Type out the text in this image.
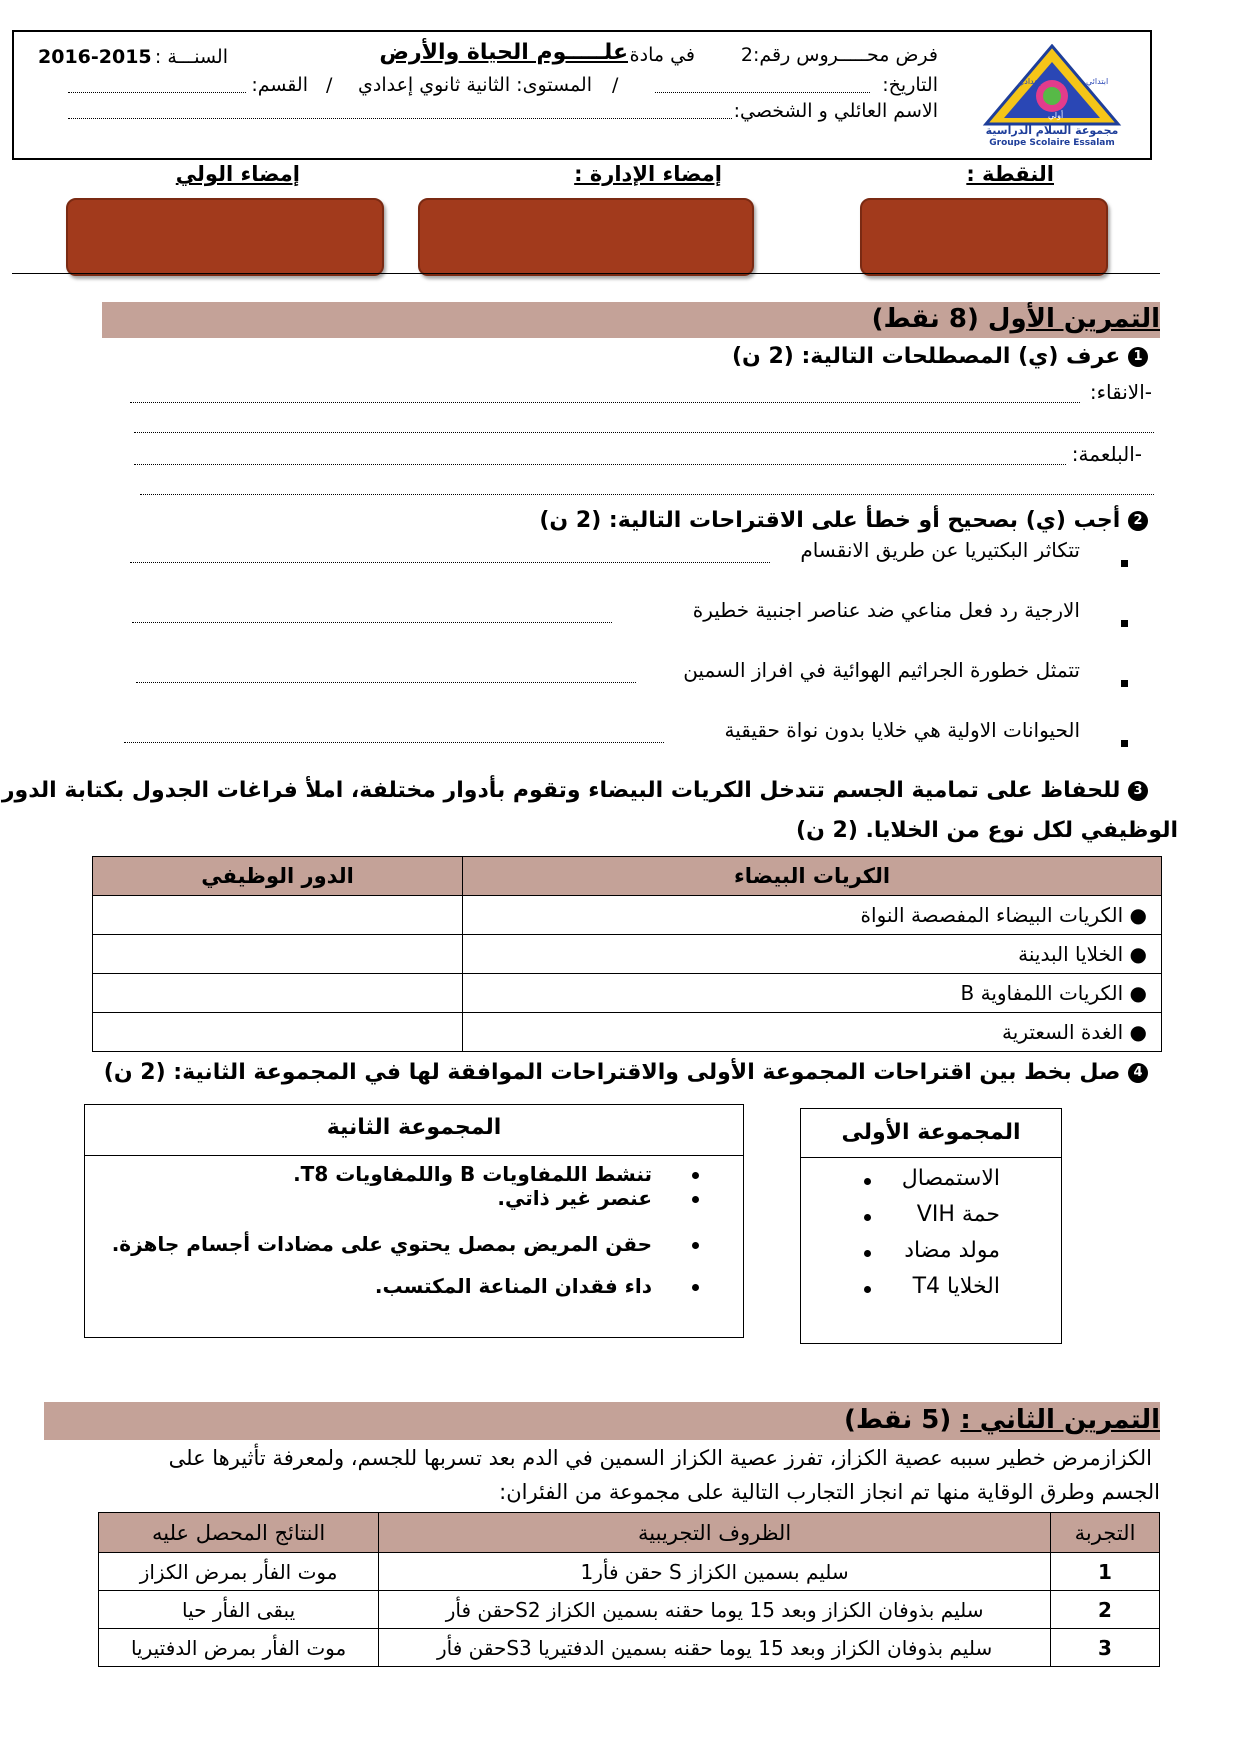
ابتدائي
إعدادي
أولي
مجموعة السلام الدراسية
Groupe Scolaire Essalam
فرض محـــــروس رقم:2
في مادة
علـــــوم الحياة والأرض
السنـــة :
2016-2015
التاريخ:
/
المستوى: الثانية ثانوي إعدادي
/
القسم:
الاسم العائلي و الشخصي:
النقطة :
إمضاء الإدارة :
إمضاء الولي
التمرين الأول (8 نقط)
1 عرف (ي) المصطلحات التالية: (2 ن)
-الانقاء:
-البلعمة:
2 أجب (ي) بصحيح أو خطأ على الاقتراحات التالية: (2 ن)
تتكاثر البكتيريا عن طريق الانقسام
الارجية رد فعل مناعي ضد عناصر اجنبية خطيرة
تتمثل خطورة الجراثيم الهوائية في افراز السمين
الحيوانات الاولية هي خلايا بدون نواة حقيقية
3 للحفاظ على تمامية الجسم تتدخل الكريات البيضاء وتقوم بأدوار مختلفة، املأ فراغات الجدول بكتابة الدور
الوظيفي لكل نوع من الخلايا. (2 ن)
الدور الوظيفي	الكريات البيضاء
	● الكريات البيضاء المفصصة النواة
	● الخلايا البدينة
	● الكريات اللمفاوية B
	● الغدة السعترية
4 صل بخط بين اقتراحات المجموعة الأولى والاقتراحات الموافقة لها في المجموعة الثانية: (2 ن)
المجموعة الثانية
تنشط اللمفاويات B واللمفاويات T8.
عنصر غير ذاتي.
حقن المريض بمصل يحتوي على مضادات أجسام جاهزة.
داء فقدان المناعة المكتسب.
المجموعة الأولى
الاستمصال
حمة VIH
مولد مضاد
الخلايا T4
التمرين الثاني : (5 نقط)
الكزازمرض خطير سببه عصية الكزاز، تفرز عصية الكزاز السمين في الدم بعد تسربها للجسم، ولمعرفة تأثيرها على
الجسم وطرق الوقاية منها تم انجاز التجارب التالية على مجموعة من الفئران:
النتائج المحصل عليه	الظروف التجريبية	التجربة
موت الفأر بمرض الكزاز	حقن فأر1 S سليم بسمين الكزاز	1
يبقى الفأر حيا	حقن فأرS2 سليم بذوفان الكزاز وبعد 15 يوما حقنه بسمين الكزاز	2
موت الفأر بمرض الدفتيريا	حقن فأرS3 سليم بذوفان الكزاز وبعد 15 يوما حقنه بسمين الدفتيريا	3
